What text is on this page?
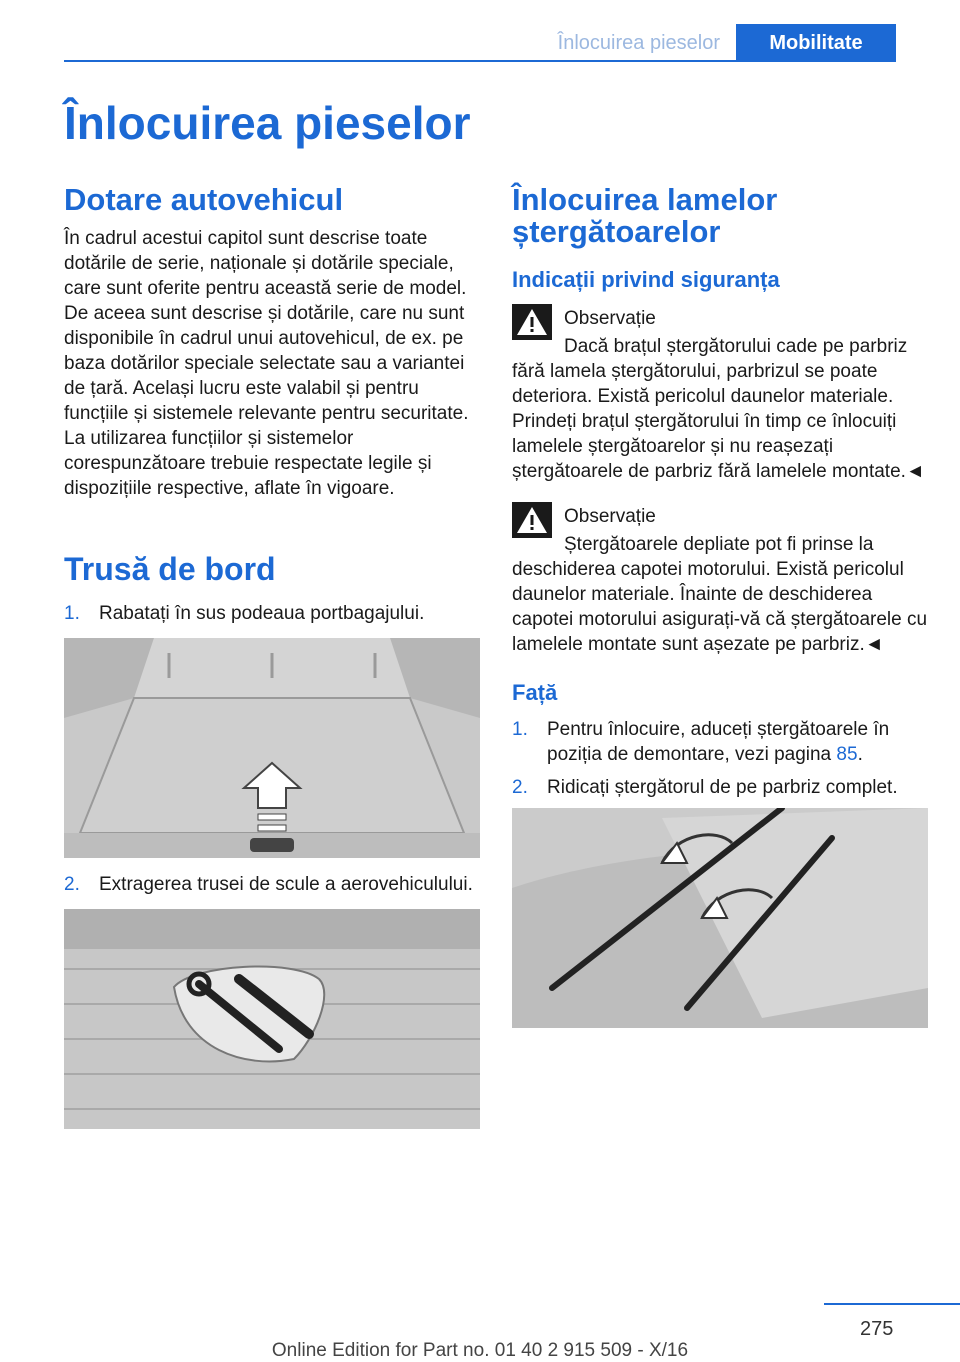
Înlocuirea pieselor	Mobilitate
Înlocuirea pieselor
Dotare autovehicul

În cadrul acestui capitol sunt descrise toate dotările de serie, naționale și dotările speciale, care sunt oferite pentru această serie de model. De aceea sunt descrise și dotările, care nu sunt disponibile în cadrul unui autovehicul, de ex. pe baza dotărilor speciale selectate sau a variantei de țară. Același lucru este valabil și pentru funcțiile și sistemele relevante pentru securitate. La utilizarea funcțiilor și sistemelor corespunzătoare trebuie respectate legile și dispozițiile respective, aflate în vigoare.

Trusă de bord
1. Rabatați în sus podeaua portbagajului.
2. Extragerea trusei de scule a aerovehiculului.
Înlocuirea lamelor ștergătoarelor
Indicații privind siguranța
Observație
Dacă brațul ștergătorului cade pe parbriz fără lamela ștergătorului, parbrizul se poate deteriora. Există pericolul daunelor materiale. Prindeți brațul ștergătorului în timp ce înlocuiți lamelele ștergătoarelor și nu reașezați ștergătoarele de parbriz fără lamelele montate.◄
Observație
Ștergătoarele depliate pot fi prinse la deschiderea capotei motorului. Există pericolul daunelor materiale. Înainte de deschiderea capotei motorului asigurați-vă că ștergătoarele cu lamelele montate sunt așezate pe parbriz.◄
Față
1. Pentru înlocuire, aduceți ștergătoarele în poziția de demontare, vezi pagina 85.
2. Ridicați ștergătorul de pe parbriz complet.
275
Online Edition for Part no. 01 40 2 915 509 - X/16
